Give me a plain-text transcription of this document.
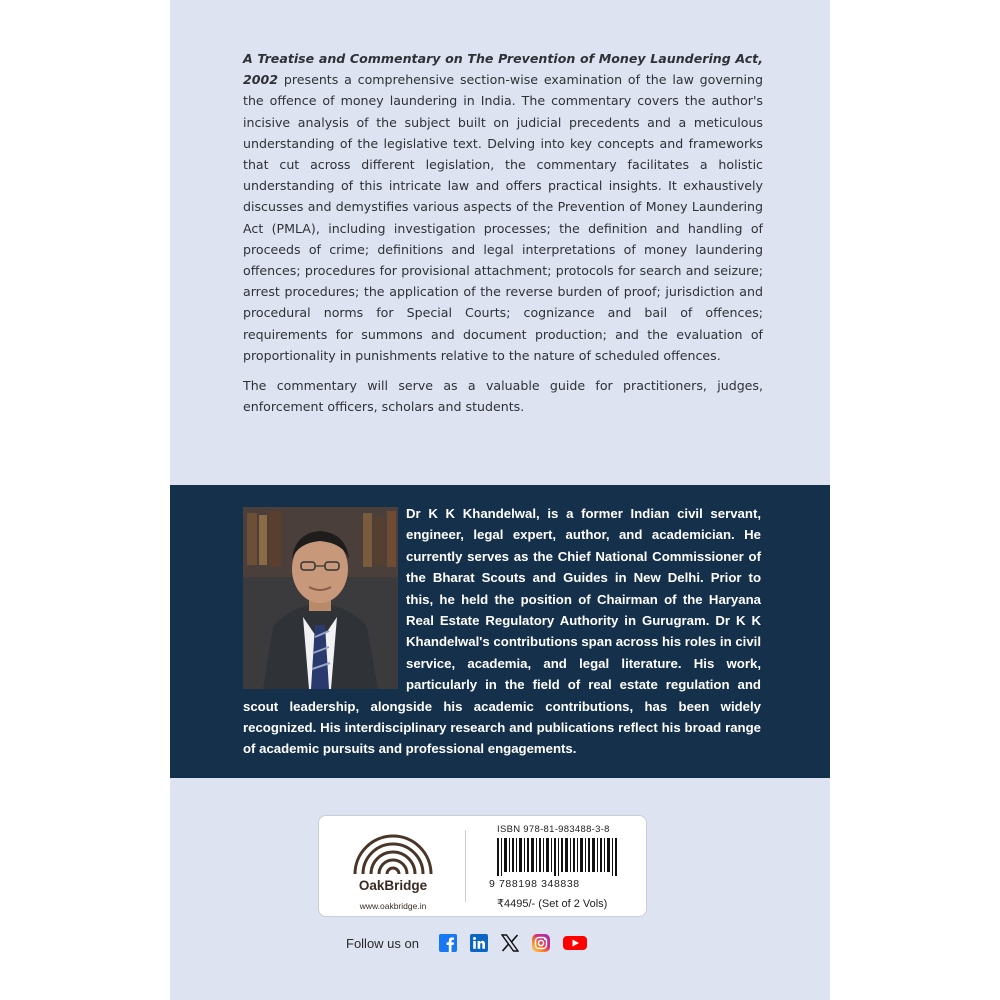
A Treatise and Commentary on The Prevention of Money Laundering Act, 2002 presents a comprehensive section-wise examination of the law governing the offence of money laundering in India. The commentary covers the author's incisive analysis of the subject built on judicial precedents and a meticulous understanding of the legislative text. Delving into key concepts and frameworks that cut across different legislation, the commentary facilitates a holistic understanding of this intricate law and offers practical insights. It exhaustively discusses and demystifies various aspects of the Prevention of Money Laundering Act (PMLA), including investigation processes; the definition and handling of proceeds of crime; definitions and legal interpretations of money laundering offences; procedures for provisional attachment; protocols for search and seizure; arrest procedures; the application of the reverse burden of proof; jurisdiction and procedural norms for Special Courts; cognizance and bail of offences; requirements for summons and document production; and the evaluation of proportionality in punishments relative to the nature of scheduled offences.

The commentary will serve as a valuable guide for practitioners, judges, enforcement officers, scholars and students.

Dr K K Khandelwal, is a former Indian civil servant, engineer, legal expert, author, and academician. He currently serves as the Chief National Commissioner of the Bharat Scouts and Guides in New Delhi. Prior to this, he held the position of Chairman of the Haryana Real Estate Regulatory Authority in Gurugram. Dr K K Khandelwal's contributions span across his roles in civil service, academia, and legal literature. His work, particularly in the field of real estate regulation and scout leadership, alongside his academic contributions, has been widely recognized. His interdisciplinary research and publications reflect his broad range of academic pursuits and professional engagements.

OakBridge
www.oakbridge.in
ISBN 978-81-983488-3-8
9 788198 348838
₹4495/- (Set of 2 Vols)
Follow us on
